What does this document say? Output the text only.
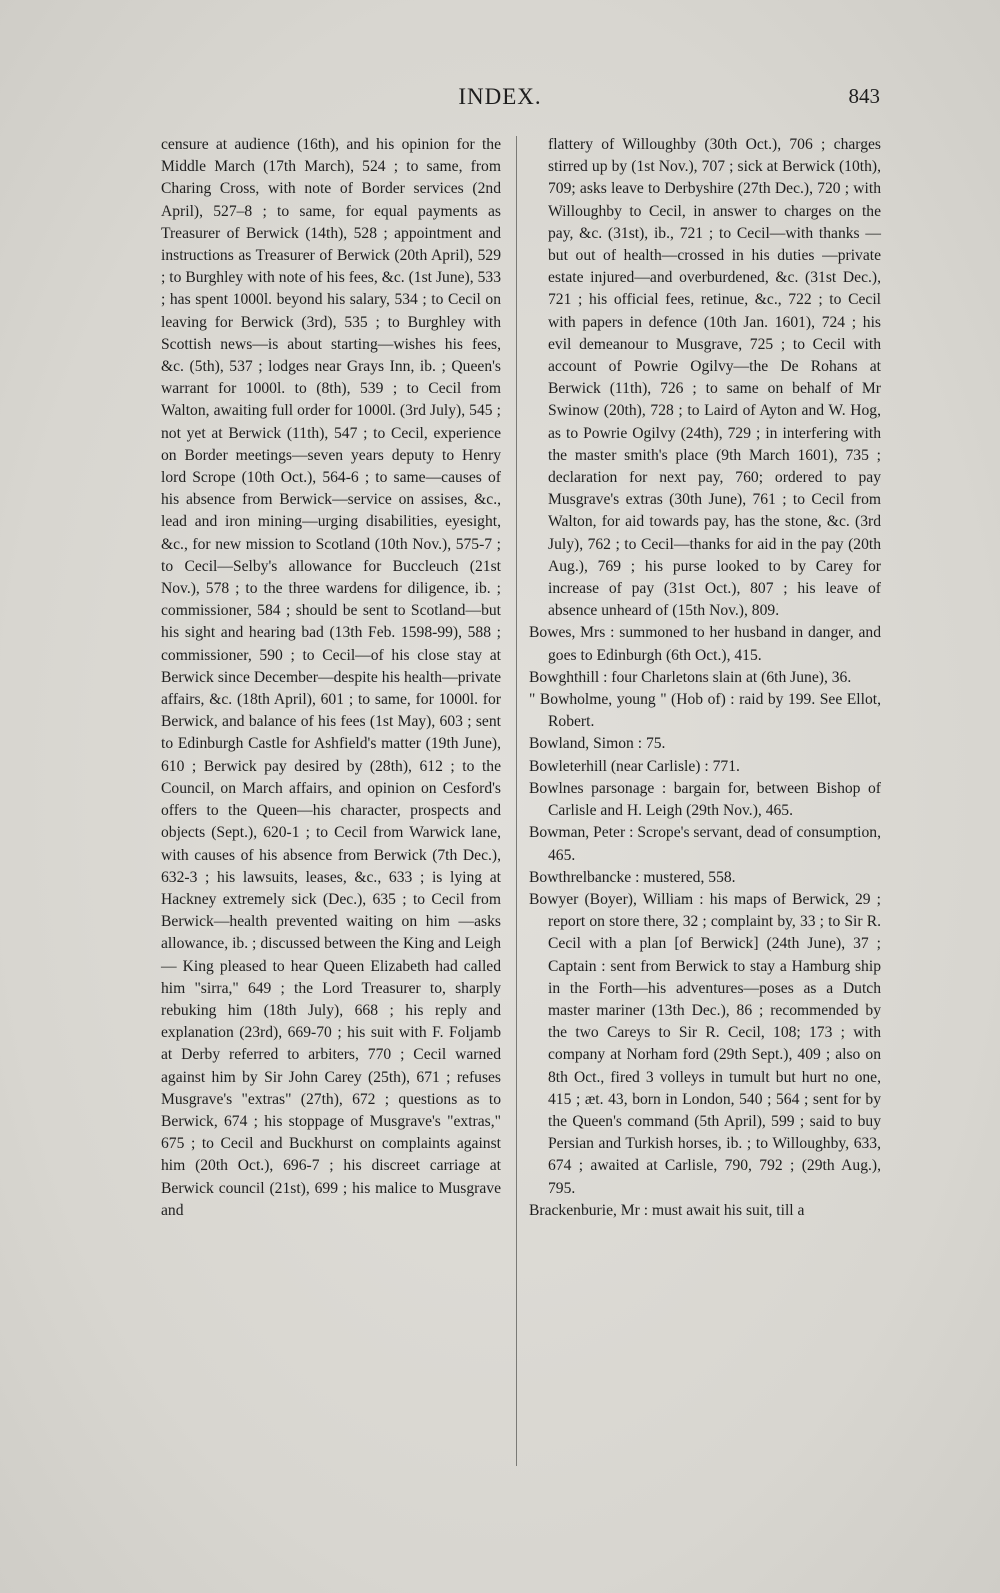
INDEX.	843

censure at audience (16th), and his opinion for the Middle March (17th March), 524 ; to same, from Charing Cross, with note of Border services (2nd April), 527–8 ; to same, for equal payments as Treasurer of Berwick (14th), 528 ; appointment and instructions as Treasurer of Berwick (20th April), 529 ; to Burghley with note of his fees, &c. (1st June), 533 ; has spent 1000l. beyond his salary, 534 ; to Cecil on leaving for Berwick (3rd), 535 ; to Burghley with Scottish news—is about starting—wishes his fees, &c. (5th), 537 ; lodges near Grays Inn, ib. ; Queen's warrant for 1000l. to (8th), 539 ; to Cecil from Walton, awaiting full order for 1000l. (3rd July), 545 ; not yet at Berwick (11th), 547 ; to Cecil, experience on Border meetings—seven years deputy to Henry lord Scrope (10th Oct.), 564-6 ; to same—causes of his absence from Berwick—service on assises, &c., lead and iron mining—urging disabilities, eyesight, &c., for new mission to Scotland (10th Nov.), 575-7 ; to Cecil—Selby's allowance for Buccleuch (21st Nov.), 578 ; to the three wardens for diligence, ib. ; commissioner, 584 ; should be sent to Scotland—but his sight and hearing bad (13th Feb. 1598-99), 588 ; commissioner, 590 ; to Cecil—of his close stay at Berwick since December—despite his health—private affairs, &c. (18th April), 601 ; to same, for 1000l. for Berwick, and balance of his fees (1st May), 603 ; sent to Edinburgh Castle for Ashfield's matter (19th June), 610 ; Berwick pay desired by (28th), 612 ; to the Council, on March affairs, and opinion on Cesford's offers to the Queen—his character, prospects and objects (Sept.), 620-1 ; to Cecil from Warwick lane, with causes of his absence from Berwick (7th Dec.), 632-3 ; his lawsuits, leases, &c., 633 ; is lying at Hackney extremely sick (Dec.), 635 ; to Cecil from Berwick—health prevented waiting on him —asks allowance, ib. ; discussed between the King and Leigh — King pleased to hear Queen Elizabeth had called him "sirra," 649 ; the Lord Treasurer to, sharply rebuking him (18th July), 668 ; his reply and explanation (23rd), 669-70 ; his suit with F. Foljamb at Derby referred to arbiters, 770 ; Cecil warned against him by Sir John Carey (25th), 671 ; refuses Musgrave's "extras" (27th), 672 ; questions as to Berwick, 674 ; his stoppage of Musgrave's "extras," 675 ; to Cecil and Buckhurst on complaints against him (20th Oct.), 696-7 ; his discreet carriage at Berwick council (21st), 699 ; his malice to Musgrave and

flattery of Willoughby (30th Oct.), 706 ; charges stirred up by (1st Nov.), 707 ; sick at Berwick (10th), 709; asks leave to Derbyshire (27th Dec.), 720 ; with Willoughby to Cecil, in answer to charges on the pay, &c. (31st), ib., 721 ; to Cecil—with thanks —but out of health—crossed in his duties —private estate injured—and overburdened, &c. (31st Dec.), 721 ; his official fees, retinue, &c., 722 ; to Cecil with papers in defence (10th Jan. 1601), 724 ; his evil demeanour to Musgrave, 725 ; to Cecil with account of Powrie Ogilvy—the De Rohans at Berwick (11th), 726 ; to same on behalf of Mr Swinow (20th), 728 ; to Laird of Ayton and W. Hog, as to Powrie Ogilvy (24th), 729 ; in interfering with the master smith's place (9th March 1601), 735 ; declaration for next pay, 760; ordered to pay Musgrave's extras (30th June), 761 ; to Cecil from Walton, for aid towards pay, has the stone, &c. (3rd July), 762 ; to Cecil—thanks for aid in the pay (20th Aug.), 769 ; his purse looked to by Carey for increase of pay (31st Oct.), 807 ; his leave of absence unheard of (15th Nov.), 809.

Bowes, Mrs : summoned to her husband in danger, and goes to Edinburgh (6th Oct.), 415.

Bowghthill : four Charletons slain at (6th June), 36.

" Bowholme, young " (Hob of) : raid by 199. See Ellot, Robert.

Bowland, Simon : 75.

Bowleterhill (near Carlisle) : 771.

Bowlnes parsonage : bargain for, between Bishop of Carlisle and H. Leigh (29th Nov.), 465.

Bowman, Peter : Scrope's servant, dead of consumption, 465.

Bowthrelbancke : mustered, 558.

Bowyer (Boyer), William : his maps of Berwick, 29 ; report on store there, 32 ; complaint by, 33 ; to Sir R. Cecil with a plan [of Berwick] (24th June), 37 ; Captain : sent from Berwick to stay a Hamburg ship in the Forth—his adventures—poses as a Dutch master mariner (13th Dec.), 86 ; recommended by the two Careys to Sir R. Cecil, 108; 173 ; with company at Norham ford (29th Sept.), 409 ; also on 8th Oct., fired 3 volleys in tumult but hurt no one, 415 ; æt. 43, born in London, 540 ; 564 ; sent for by the Queen's command (5th April), 599 ; said to buy Persian and Turkish horses, ib. ; to Willoughby, 633, 674 ; awaited at Carlisle, 790, 792 ; (29th Aug.), 795.

Brackenburie, Mr : must await his suit, till a
